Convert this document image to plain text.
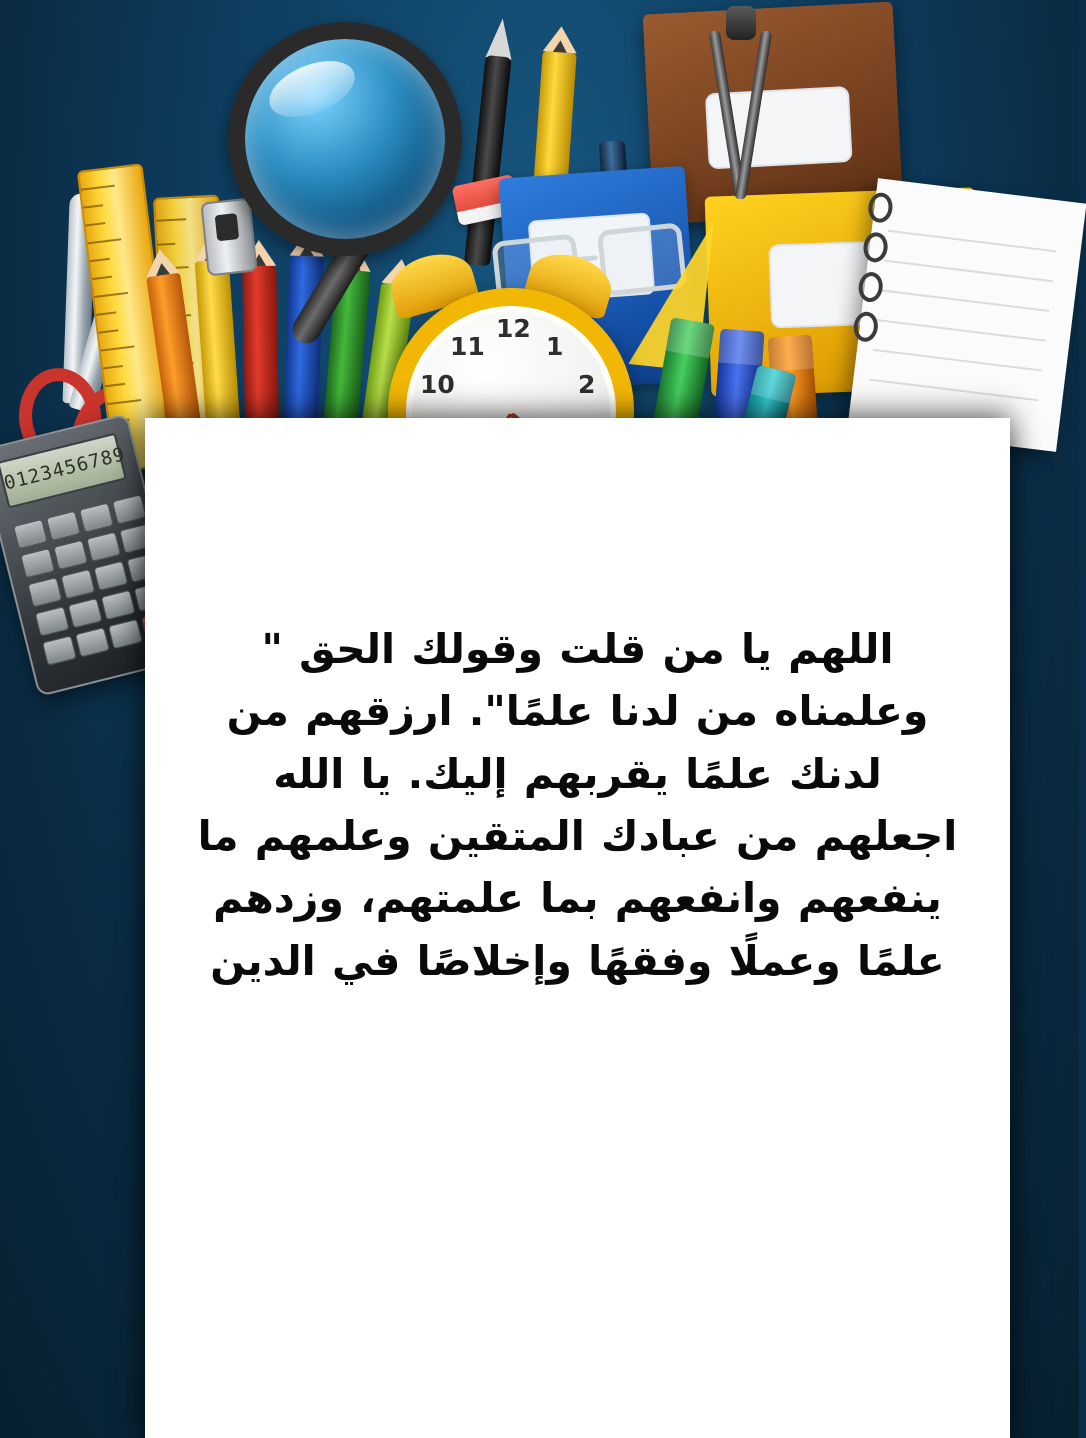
12
1
2
10
11
0123456789
اللهم يا من قلت وقولك الحق " وعلمناه من لدنا علمًا". ارزقهم من لدنك علمًا يقربهم إليك. يا الله اجعلهم من عبادك المتقين وعلمهم ما ينفعهم وانفعهم بما علمتهم، وزدهم علمًا وعملًا وفقهًا وإخلاصًا في الدين
